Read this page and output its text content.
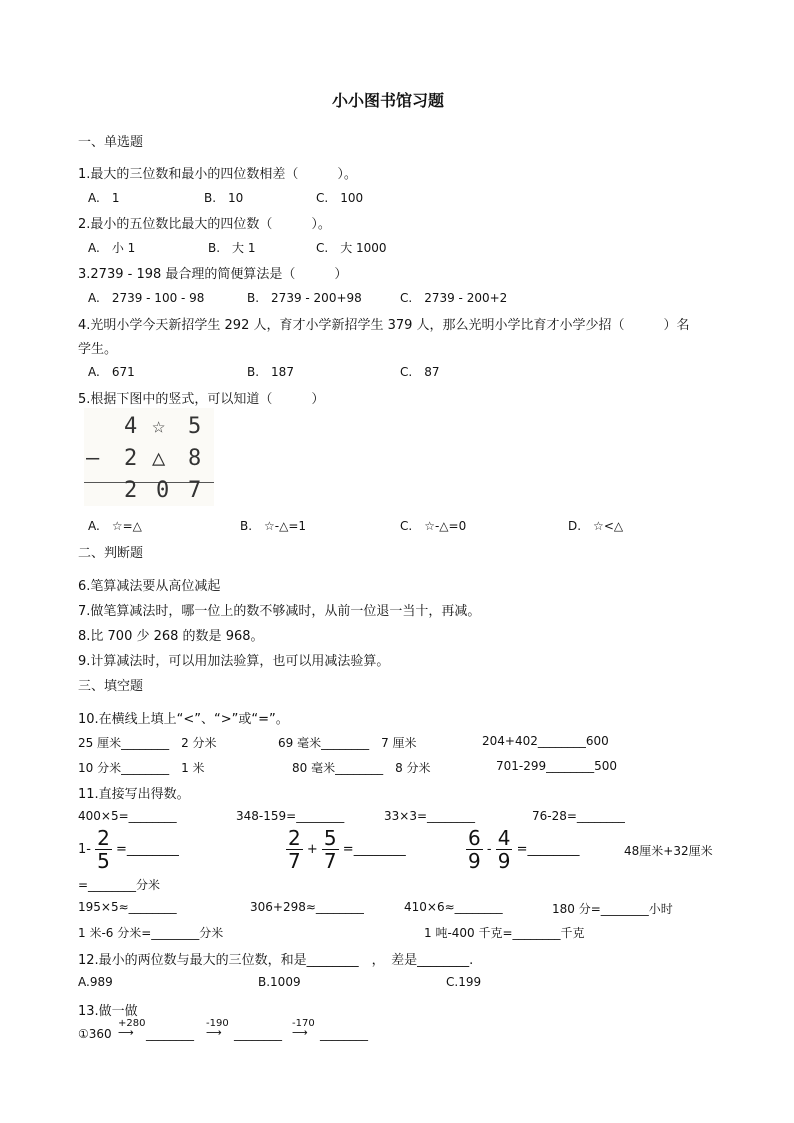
小小图书馆习题
一、单选题
1.最大的三位数和最小的四位数相差（　　　）。
A.　1	B.　10	C.　100
2.最小的五位数比最大的四位数（　　　）。
A.　小 1	B.　大 1	C.　大 1000
3.2739 - 198 最合理的简便算法是（　　　）
A.　2739 - 100 - 98	B.　2739 - 200+98	C.　2739 - 200+2
4.光明小学今天新招学生 292 人，育才小学新招学生 379 人，那么光明小学比育才小学少招（　　　）名
学生。
A.　671	B.　187	C.　87
5.根据下图中的竖式，可以知道（　　　）
4 ☆ 5
— 2 △ 8
2 0 7
A.　☆=△	B.　☆-△=1	C.　☆-△=0	D.　☆<△
二、判断题
6.笔算减法要从高位减起
7.做笔算减法时，哪一位上的数不够减时，从前一位退一当十，再减。
8.比 700 少 268 的数是 968。
9.计算减法时，可以用加法验算，也可以用减法验算。
三、填空题
10.在横线上填上“<”、“>”或“=”。
25 厘米________　2 分米	69 毫米________　7 厘米	204+402________600
10 分米________　1 米	80 毫米________　8 分米	701-299________500
11.直接写出得数。
400×5=________	348-159=________	33×3=________	76-28=________
$1- \frac{2}{5}$ =________	$\frac{2}{7} + \frac{5}{7}$ =________	$\frac{6}{9} - \frac{4}{9}$ =________	48厘米+32厘米
=________分米
195×5≈________	306+298≈________	410×6≈________	180 分=________小时
1 米-6 分米=________分米	1 吨-400 千克=________千克
12.最小的两位数与最大的三位数，和是________　，　差是________.
A.989	B.1009	C.199
13.做一做
①360
+280
⟶	________
-190
⟶	________
-170
⟶	________
